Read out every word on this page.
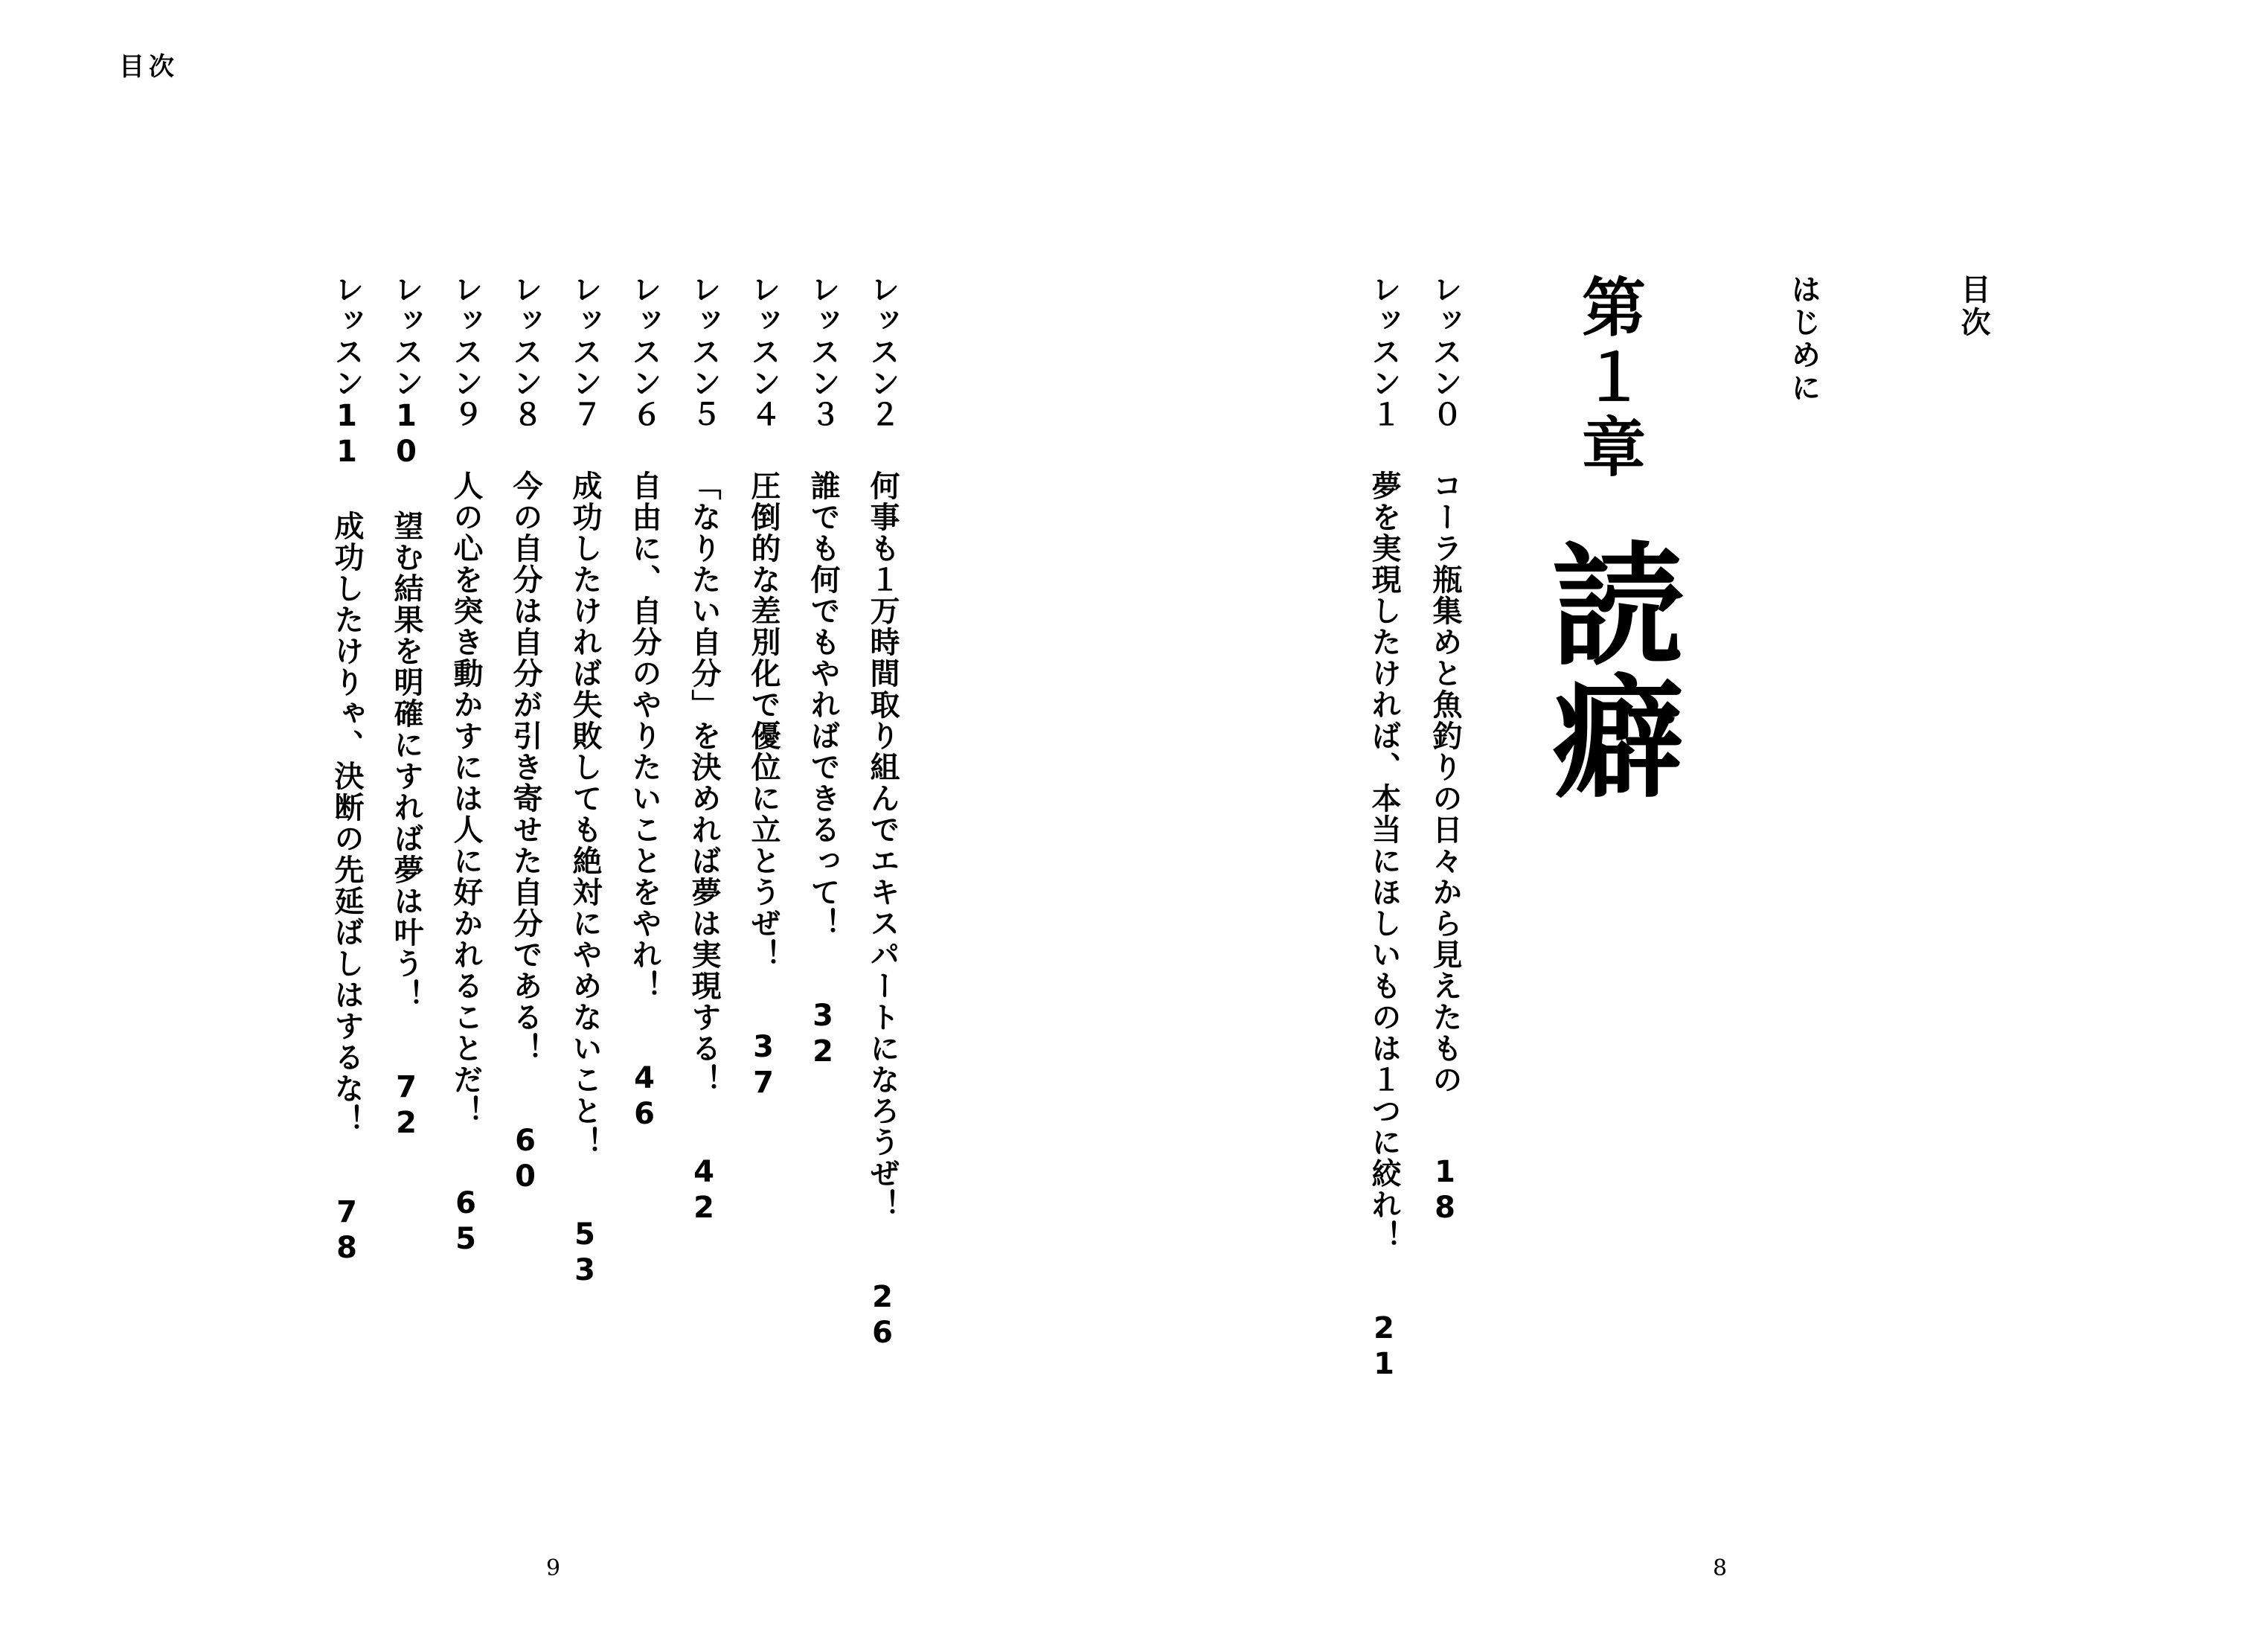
目次
目次
はじめに
第１章
読癖
レッスン０コーラ瓶集めと魚釣りの日々から見えたもの18
レッスン１夢を実現したければ、本当にほしいものは１つに絞れ！21
8
レッスン２何事も１万時間取り組んでエキスパートになろうぜ！26
レッスン３誰でも何でもやればできるって！32
レッスン４圧倒的な差別化で優位に立とうぜ！37
レッスン５「なりたい自分」を決めれば夢は実現する！42
レッスン６自由に、自分のやりたいことをやれ！46
レッスン７成功したければ失敗しても絶対にやめないこと！53
レッスン８今の自分は自分が引き寄せた自分である！60
レッスン９人の心を突き動かすには人に好かれることだ！65
レッスン10望む結果を明確にすれば夢は叶う！72
レッスン11成功したけりゃ、決断の先延ばしはするな！78
9
